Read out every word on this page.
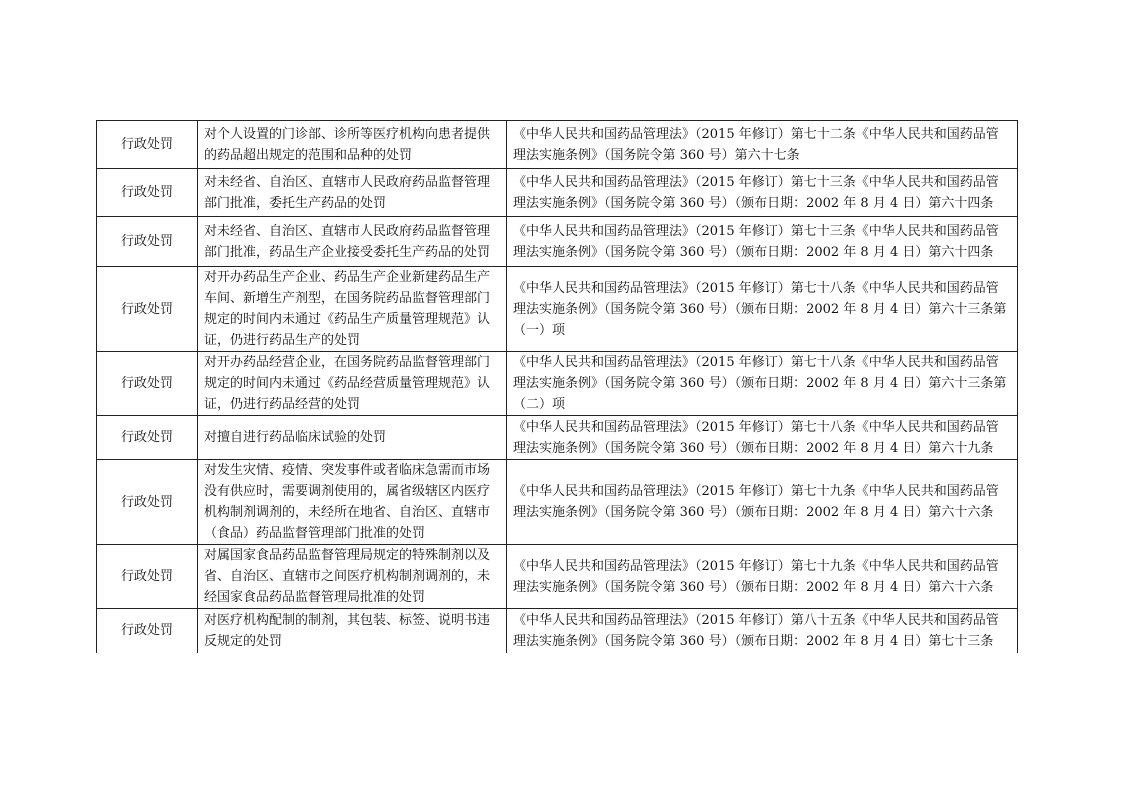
行政处罚	对个人设置的门诊部、诊所等医疗机构向患者提供的药品超出规定的范围和品种的处罚	《中华人民共和国药品管理法》（2015 年修订）第七十二条《中华人民共和国药品管理法实施条例》（国务院令第 360 号）第六十七条
行政处罚	对未经省、自治区、直辖市人民政府药品监督管理部门批准，委托生产药品的处罚	《中华人民共和国药品管理法》（2015 年修订）第七十三条《中华人民共和国药品管理法实施条例》（国务院令第 360 号）（颁布日期：2002 年 8 月 4 日）第六十四条
行政处罚	对未经省、自治区、直辖市人民政府药品监督管理部门批准，药品生产企业接受委托生产药品的处罚	《中华人民共和国药品管理法》（2015 年修订）第七十三条《中华人民共和国药品管理法实施条例》（国务院令第 360 号）（颁布日期：2002 年 8 月 4 日）第六十四条
行政处罚	对开办药品生产企业、药品生产企业新建药品生产车间、新增生产剂型，在国务院药品监督管理部门规定的时间内未通过《药品生产质量管理规范》认证，仍进行药品生产的处罚	《中华人民共和国药品管理法》（2015 年修订）第七十八条《中华人民共和国药品管理法实施条例》（国务院令第 360 号）（颁布日期：2002 年 8 月 4 日）第六十三条第（一）项
行政处罚	对开办药品经营企业，在国务院药品监督管理部门规定的时间内未通过《药品经营质量管理规范》认证，仍进行药品经营的处罚	《中华人民共和国药品管理法》（2015 年修订）第七十八条《中华人民共和国药品管理法实施条例》（国务院令第 360 号）（颁布日期：2002 年 8 月 4 日）第六十三条第（二）项
行政处罚	对擅自进行药品临床试验的处罚	《中华人民共和国药品管理法》（2015 年修订）第七十八条《中华人民共和国药品管理法实施条例》（国务院令第 360 号）（颁布日期：2002 年 8 月 4 日）第六十九条
行政处罚	对发生灾情、疫情、突发事件或者临床急需而市场没有供应时，需要调剂使用的，属省级辖区内医疗机构制剂调剂的，未经所在地省、自治区、直辖市（食品）药品监督管理部门批准的处罚	《中华人民共和国药品管理法》（2015 年修订）第七十九条《中华人民共和国药品管理法实施条例》（国务院令第 360 号）（颁布日期：2002 年 8 月 4 日）第六十六条
行政处罚	对属国家食品药品监督管理局规定的特殊制剂以及省、自治区、直辖市之间医疗机构制剂调剂的，未经国家食品药品监督管理局批准的处罚	《中华人民共和国药品管理法》（2015 年修订）第七十九条《中华人民共和国药品管理法实施条例》（国务院令第 360 号）（颁布日期：2002 年 8 月 4 日）第六十六条
行政处罚	对医疗机构配制的制剂，其包装、标签、说明书违反规定的处罚	《中华人民共和国药品管理法》（2015 年修订）第八十五条《中华人民共和国药品管理法实施条例》（国务院令第 360 号）（颁布日期：2002 年 8 月 4 日）第七十三条
